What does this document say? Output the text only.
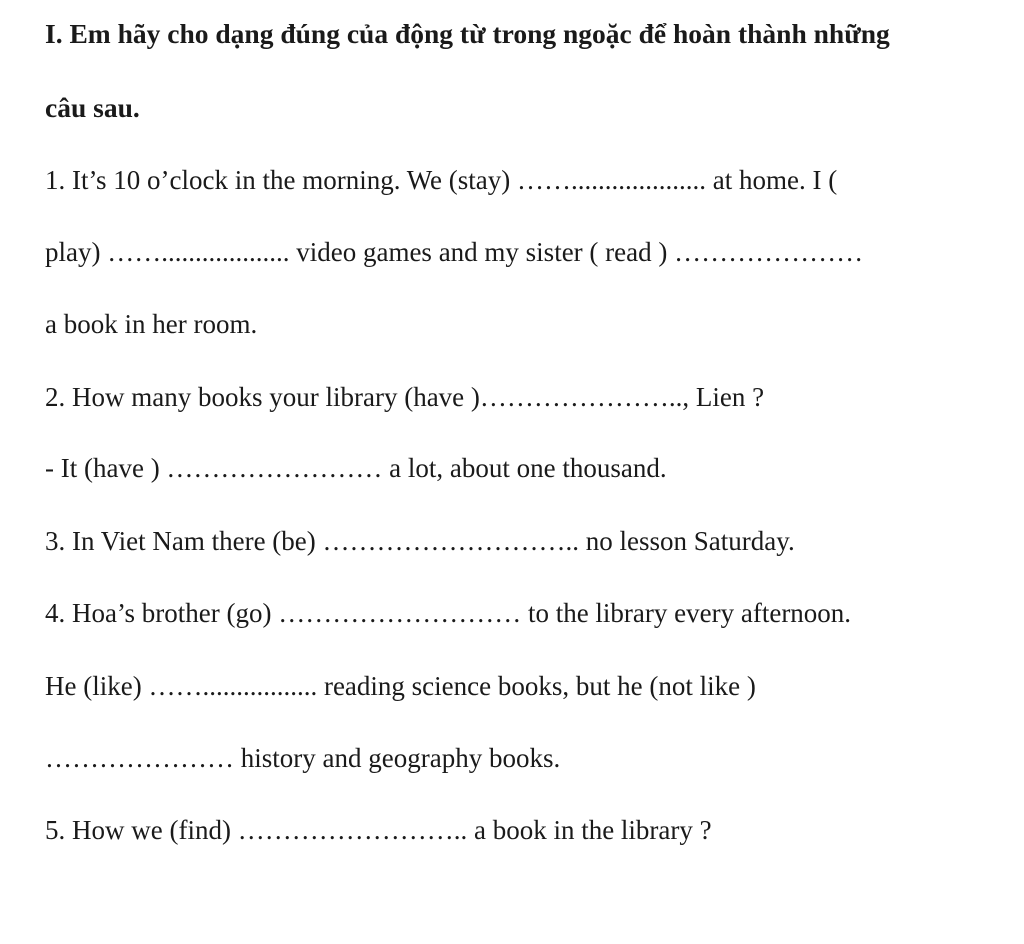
I. Em hãy cho dạng đúng của động từ trong ngoặc để hoàn thành những
câu sau.
1. It’s 10 o’clock in the morning. We (stay) …….................... at home. I (
play) ……................... video games and my sister ( read ) …………………
a book in her room.
2. How many books your library (have )………………….., Lien ?
- It (have ) …………………… a lot, about one thousand.
3. In Viet Nam there (be) ……………………….. no lesson Saturday.
4. Hoa’s brother (go) ……………………… to the library every afternoon.
He (like) ……................. reading science books, but he (not like )
………………… history and geography books.
5. How we (find) …………………….. a book in the library ?
